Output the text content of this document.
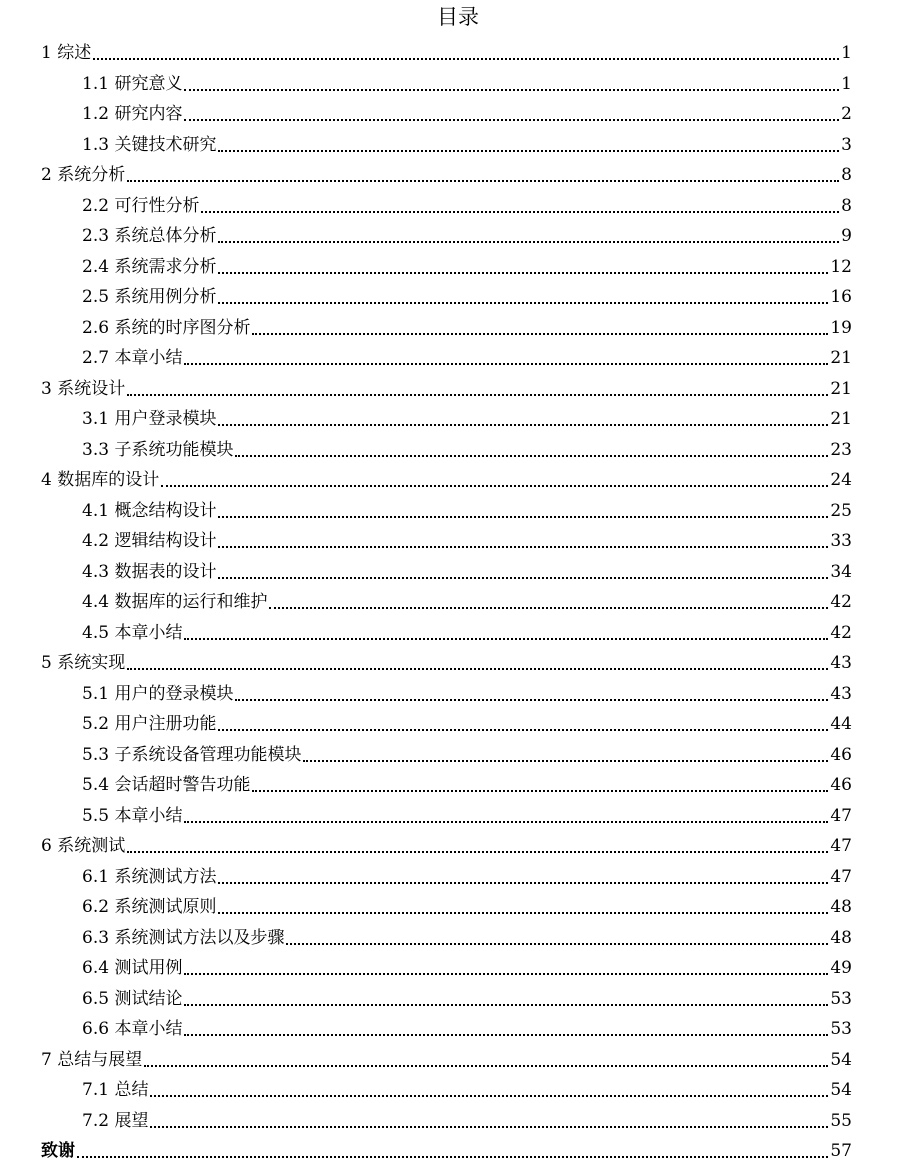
目录
1 综述	1
1.1 研究意义	1
1.2 研究内容	2
1.3 关键技术研究	3
2 系统分析	8
2.2 可行性分析	8
2.3 系统总体分析	9
2.4 系统需求分析	12
2.5 系统用例分析	16
2.6 系统的时序图分析	19
2.7 本章小结	21
3 系统设计	21
3.1 用户登录模块	21
3.3 子系统功能模块	23
4 数据库的设计	24
4.1 概念结构设计	25
4.2 逻辑结构设计	33
4.3 数据表的设计	34
4.4 数据库的运行和维护	42
4.5 本章小结	42
5 系统实现	43
5.1 用户的登录模块	43
5.2 用户注册功能	44
5.3 子系统设备管理功能模块	46
5.4 会话超时警告功能	46
5.5 本章小结	47
6 系统测试	47
6.1 系统测试方法	47
6.2 系统测试原则	48
6.3 系统测试方法以及步骤	48
6.4 测试用例	49
6.5 测试结论	53
6.6 本章小结	53
7 总结与展望	54
7.1 总结	54
7.2 展望	55
致谢	57
